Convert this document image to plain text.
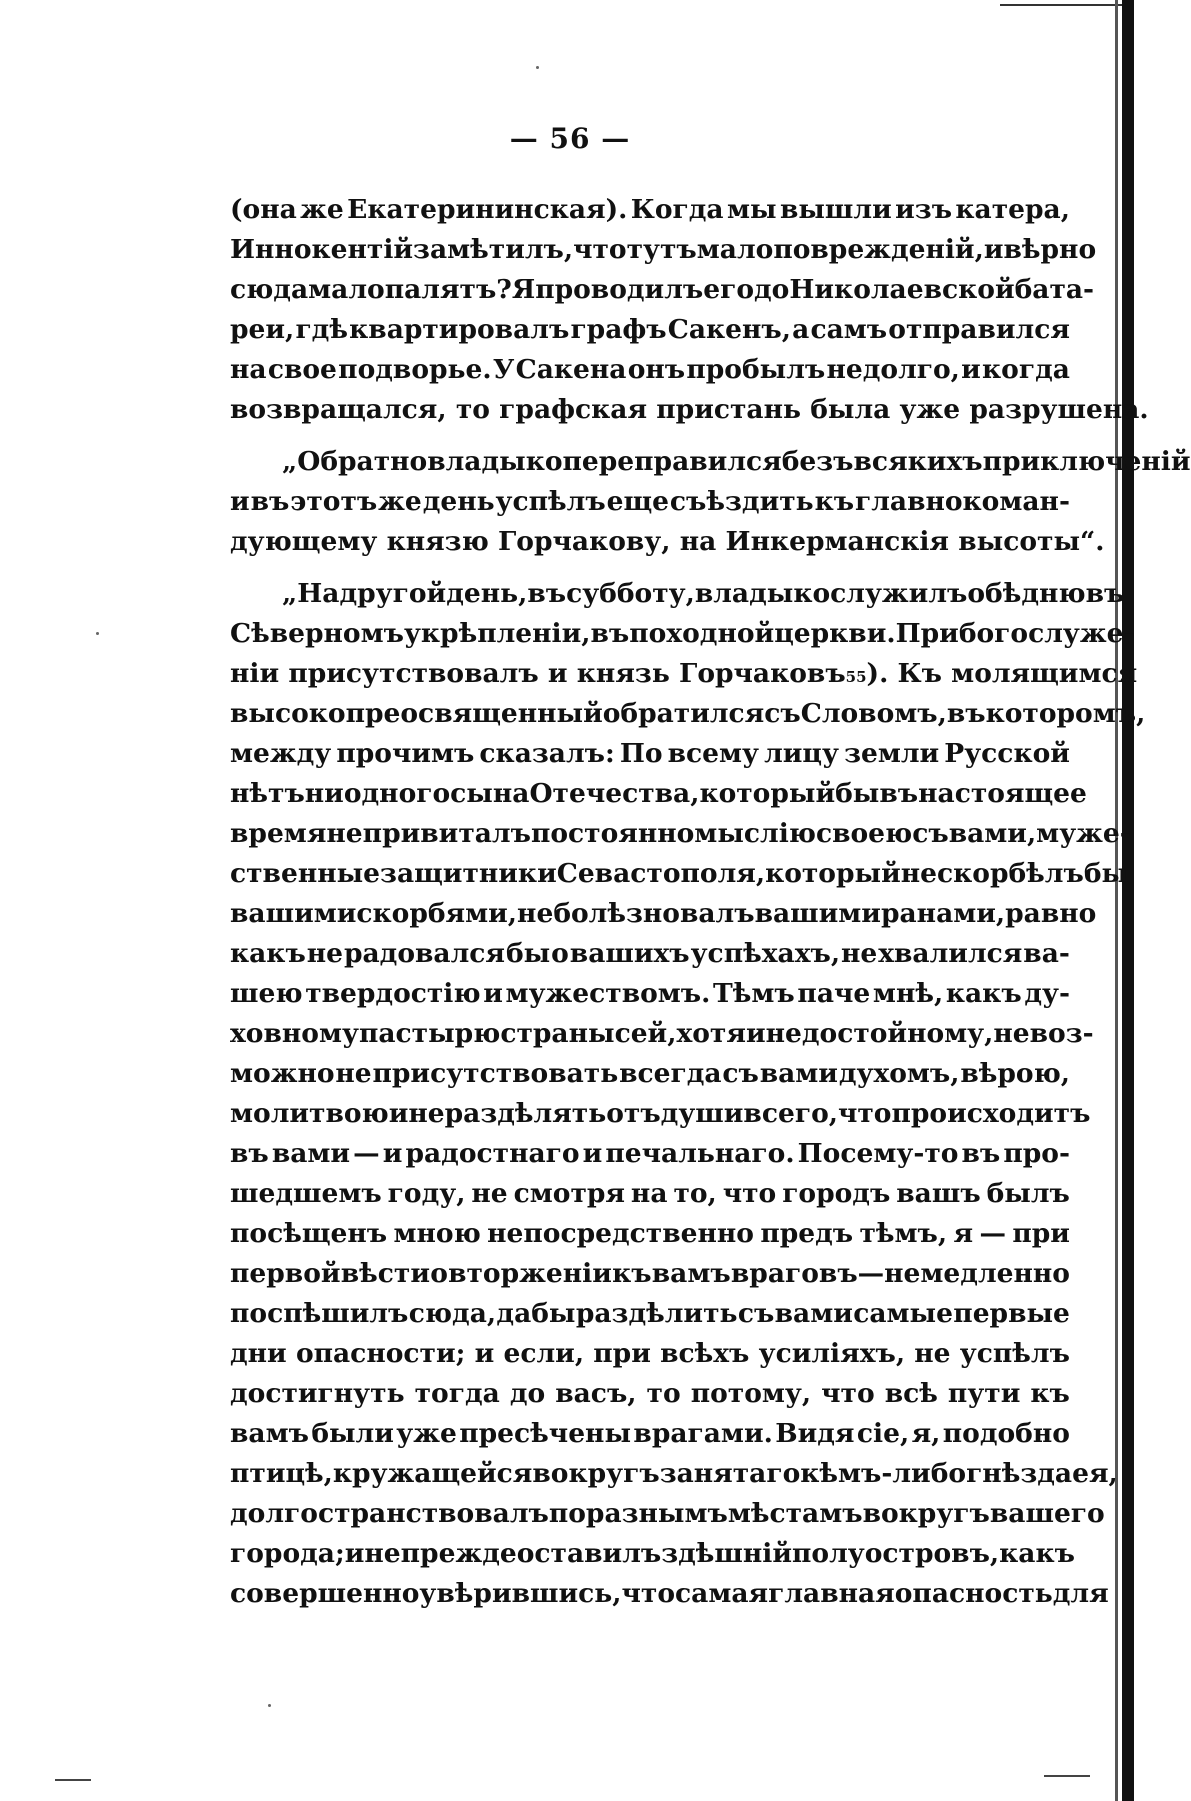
— 56 —
(она же Екатерининская). Когда мы вышли изъ катера,
Иннокентій замѣтилъ, что тутъ мало поврежденій, и вѣрно
сюда мало палятъ? Я проводилъ его до Николаевской бата-
реи, гдѣ квартировалъ графъ Сакенъ, а самъ отправился
на свое подворье. У Сакена онъ пробылъ недолго, и когда
возвращался,
то
графская
пристань
была
уже
разрушена.

„Обратно владыко переправился безъ всякихъ приключеній
и въ этотъ же день успѣлъ еще съѣздить къ главнокоман-
дующему
князю
Горчакову,
на
Инкерманскія
высоты“.

„На другой день, въ субботу, владыко служилъ обѣдню въ
Сѣверномъ укрѣпленіи, въ походной церкви. При богослуже-
ніи присутствовалъ и князь Горчаковъ 55 ). Къ молящимся
высокопреосвященный обратился съ Словомъ, въ которомъ,
между прочимъ сказалъ: По всему лицу земли Русской
нѣтъ ни одного сына Отечества, который бы въ настоящее
время не привиталъ постоянно мыслію своею съ вами, муже-
ственные защитники Севастополя, который не скорбѣлъ бы
вашими скорбями, не болѣзновалъ вашими ранами, равно
какъ не радовался бы о вашихъ успѣхахъ, не хвалился ва-
шею твердостію и мужествомъ. Тѣмъ паче мнѣ, какъ ду-
ховному пастырю страны сей, хотя и недостойному, невоз-
можно не присутствовать всегда съ вами духомъ, вѣрою,
молитвою и не раздѣлять отъ души всего, что происходитъ
въ вами — и радостнаго и печальнаго. Посему-то въ про-
шедшемъ году, не смотря на то, что городъ вашъ былъ
посѣщенъ мною непосредственно предъ тѣмъ, я — при
первой вѣсти о вторженіи къ вамъ враговъ—немедленно
поспѣшилъ сюда, дабы раздѣлить съ вами самые первые
дни опасности; и если, при всѣхъ усиліяхъ, не успѣлъ
достигнуть тогда до васъ, то потому, что всѣ пути къ
вамъ были уже пресѣчены врагами. Видя сіе, я, подобно
птицѣ, кружащейся вокругъ занятаго кѣмъ-либо гнѣзда ея,
долго странствовалъ по разнымъ мѣстамъ вокругъ вашего
города; и не прежде оставилъ здѣшній полуостровъ, какъ
совершенно увѣрившись, что самая главная опасность для
